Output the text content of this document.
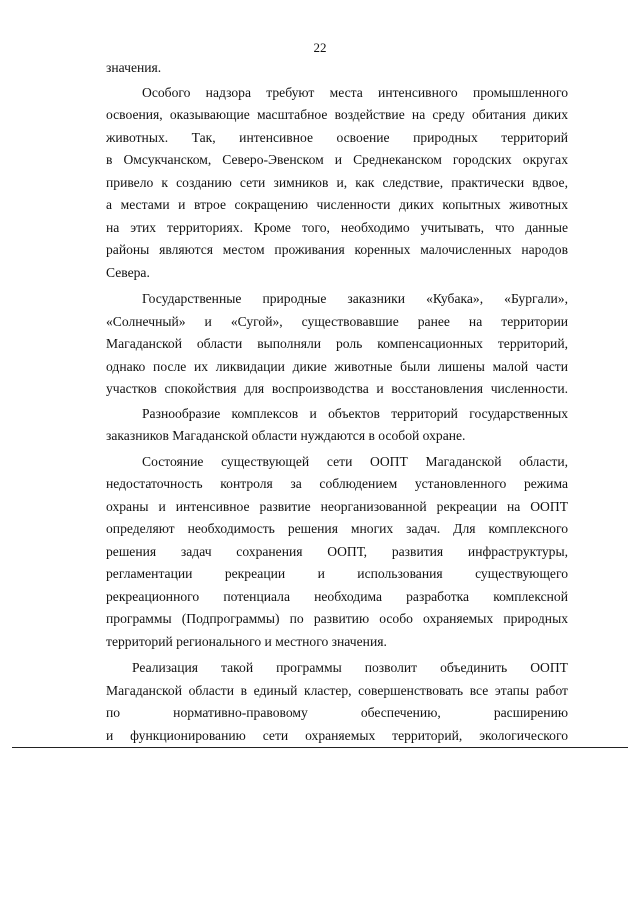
22
значения.
Особого надзора требуют места интенсивного промышленного
освоения, оказывающие масштабное воздействие на среду обитания диких
животных. Так, интенсивное освоение природных территорий
в Омсукчанском, Северо-Эвенском и Среднеканском городских округах
привело к созданию сети зимников и, как следствие, практически вдвое,
а местами и втрое сокращению численности диких копытных животных
на этих территориях. Кроме того, необходимо учитывать, что данные
районы являются местом проживания коренных малочисленных народов
Севера.
Государственные природные заказники «Кубака», «Бургали»,
«Солнечный» и «Сугой», существовавшие ранее на территории
Магаданской области выполняли роль компенсационных территорий,
однако после их ликвидации дикие животные были лишены малой части
участков спокойствия для воспроизводства и восстановления численности.
Разнообразие комплексов и объектов территорий государственных
заказников Магаданской области нуждаются в особой охране.
Состояние существующей сети ООПТ Магаданской области,
недостаточность контроля за соблюдением установленного режима
охраны и интенсивное развитие неорганизованной рекреации на ООПТ
определяют необходимость решения многих задач. Для комплексного
решения задач сохранения ООПТ, развития инфраструктуры,
регламентации рекреации и использования существующего
рекреационного потенциала необходима разработка комплексной
программы (Подпрограммы) по развитию особо охраняемых природных
территорий регионального и местного значения.
Реализация такой программы позволит объединить ООПТ
Магаданской области в единый кластер, совершенствовать все этапы работ
по нормативно-правовому обеспечению, расширению
и функционированию сети охраняемых территорий, экологического
